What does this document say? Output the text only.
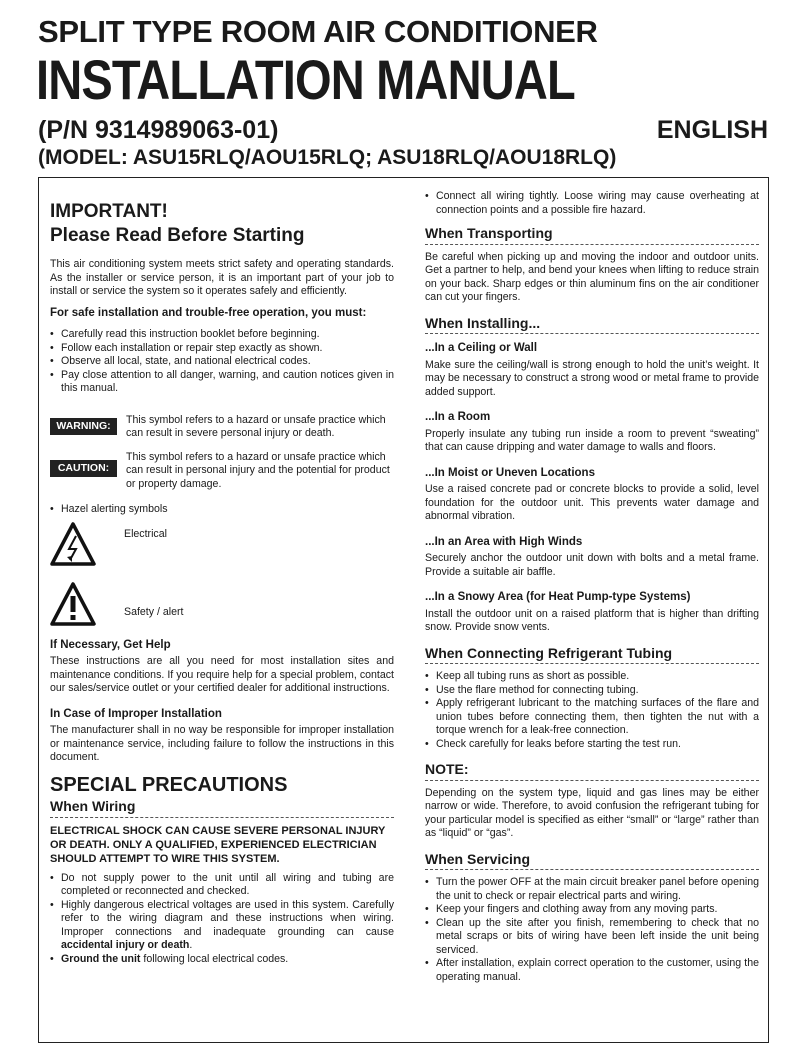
SPLIT TYPE ROOM AIR CONDITIONER
INSTALLATION MANUAL
(P/N 9314989063-01)	ENGLISH
(MODEL: ASU15RLQ/AOU15RLQ; ASU18RLQ/AOU18RLQ)
IMPORTANT!
Please Read Before Starting

This air conditioning system meets strict safety and operating standards. As the installer or service person, it is an important part of your job to install or service the system so it operates safely and efficiently.

For safe installation and trouble-free operation, you must:
• Carefully read this instruction booklet before beginning.
• Follow each installation or repair step exactly as shown.
• Observe all local, state, and national electrical codes.
• Pay close attention to all danger, warning, and caution notices given in this manual.
WARNING:	This symbol refers to a hazard or unsafe practice which can result in severe personal injury or death.
CAUTION:
This symbol refers to a hazard or unsafe practice which can result in personal injury and the potential for product or property damage.
• Hazel alerting symbols
Electrical
Safety / alert
If Necessary, Get Help

These instructions are all you need for most installation sites and maintenance conditions. If you require help for a special problem, contact our sales/service outlet or your certified dealer for additional instructions.

In Case of Improper Installation

The manufacturer shall in no way be responsible for improper installation or maintenance service, including failure to follow the instructions in this document.

SPECIAL PRECAUTIONS
When Wiring
ELECTRICAL SHOCK CAN CAUSE SEVERE PERSONAL INJURY OR DEATH. ONLY A QUALIFIED, EXPERIENCED ELECTRICIAN SHOULD ATTEMPT TO WIRE THIS SYSTEM.
• Do not supply power to the unit until all wiring and tubing are completed or reconnected and checked.
• Highly dangerous electrical voltages are used in this system. Carefully refer to the wiring diagram and these instructions when wiring. Improper connections and inadequate grounding can cause accidental injury or death.
• Ground the unit following local electrical codes.
• Connect all wiring tightly. Loose wiring may cause overheating at connection points and a possible fire hazard.
When Transporting

Be careful when picking up and moving the indoor and outdoor units. Get a partner to help, and bend your knees when lifting to reduce strain on your back. Sharp edges or thin aluminum fins on the air conditioner can cut your fingers.

When Installing...
...In a Ceiling or Wall

Make sure the ceiling/wall is strong enough to hold the unit’s weight. It may be necessary to construct a strong wood or metal frame to provide added support.

...In a Room

Properly insulate any tubing run inside a room to prevent “sweating” that can cause dripping and water damage to walls and floors.

...In Moist or Uneven Locations

Use a raised concrete pad or concrete blocks to provide a solid, level foundation for the outdoor unit. This prevents water damage and abnormal vibration.

...In an Area with High Winds

Securely anchor the outdoor unit down with bolts and a metal frame. Provide a suitable air baffle.

...In a Snowy Area (for Heat Pump-type Systems)

Install the outdoor unit on a raised platform that is higher than drifting snow. Provide snow vents.

When Connecting Refrigerant Tubing
• Keep all tubing runs as short as possible.
• Use the flare method for connecting tubing.
• Apply refrigerant lubricant to the matching surfaces of the flare and union tubes before connecting them, then tighten the nut with a torque wrench for a leak-free connection.
• Check carefully for leaks before starting the test run.
NOTE:

Depending on the system type, liquid and gas lines may be either narrow or wide. Therefore, to avoid confusion the refrigerant tubing for your particular model is specified as either “small” or “large” rather than as “liquid” or “gas”.

When Servicing
• Turn the power OFF at the main circuit breaker panel before opening the unit to check or repair electrical parts and wiring.
• Keep your fingers and clothing away from any moving parts.
• Clean up the site after you finish, remembering to check that no metal scraps or bits of wiring have been left inside the unit being serviced.
• After installation, explain correct operation to the customer, using the operating manual.
